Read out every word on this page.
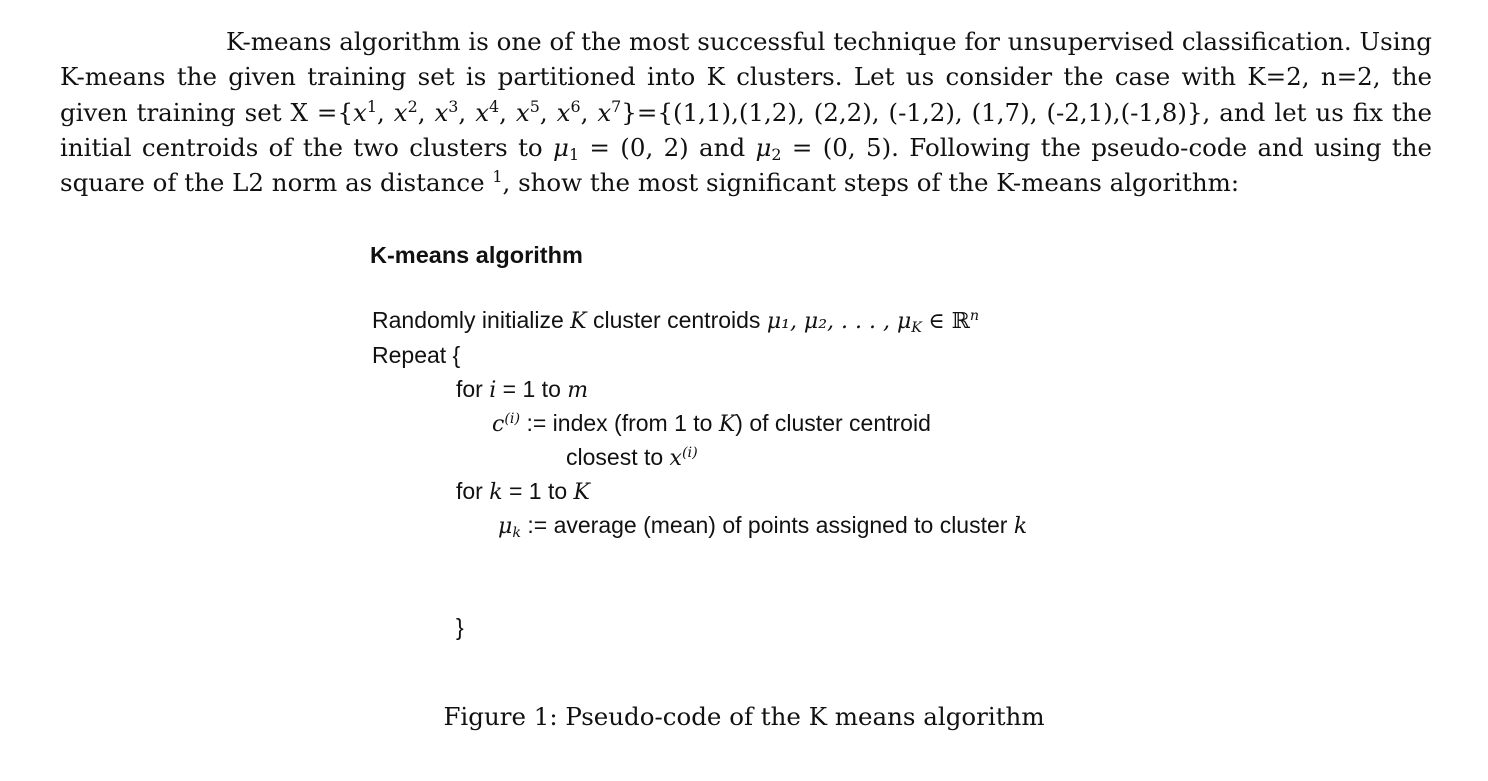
K-means algorithm is one of the most successful technique for unsupervised classification. Using K-means the given training set is partitioned into K clusters. Let us consider the case with K=2, n=2, the given training set $X =\{x^1$, $x^2$, $x^3$, $x^4$, $x^5$, $x^6$, $x^7\}=\{(1,1),(1,2)$, (2,2), (-1,2), (1,7), (-2,1),(-1,8)}, and let us fix the initial centroids of the two clusters to $\mu_1 = (0$, 2) and $\mu_2 = (0$, 5). Following the pseudo-code and using the square of the L2 norm as distance $^1$, show the most significant steps of the K-means algorithm:
K-means algorithm
Randomly initialize K cluster centroids μ₁, μ₂, . . . , $\mu_K$ ∈ ℝ$^n$
Repeat {
for i = 1 to m
$c^{(i)}$ := index (from 1 to K) of cluster centroid
closest to $x^{(i)}$
for k = 1 to K
$\mu_k$ := average (mean) of points assigned to cluster k
}
Figure 1: Pseudo-code of the K means algorithm
